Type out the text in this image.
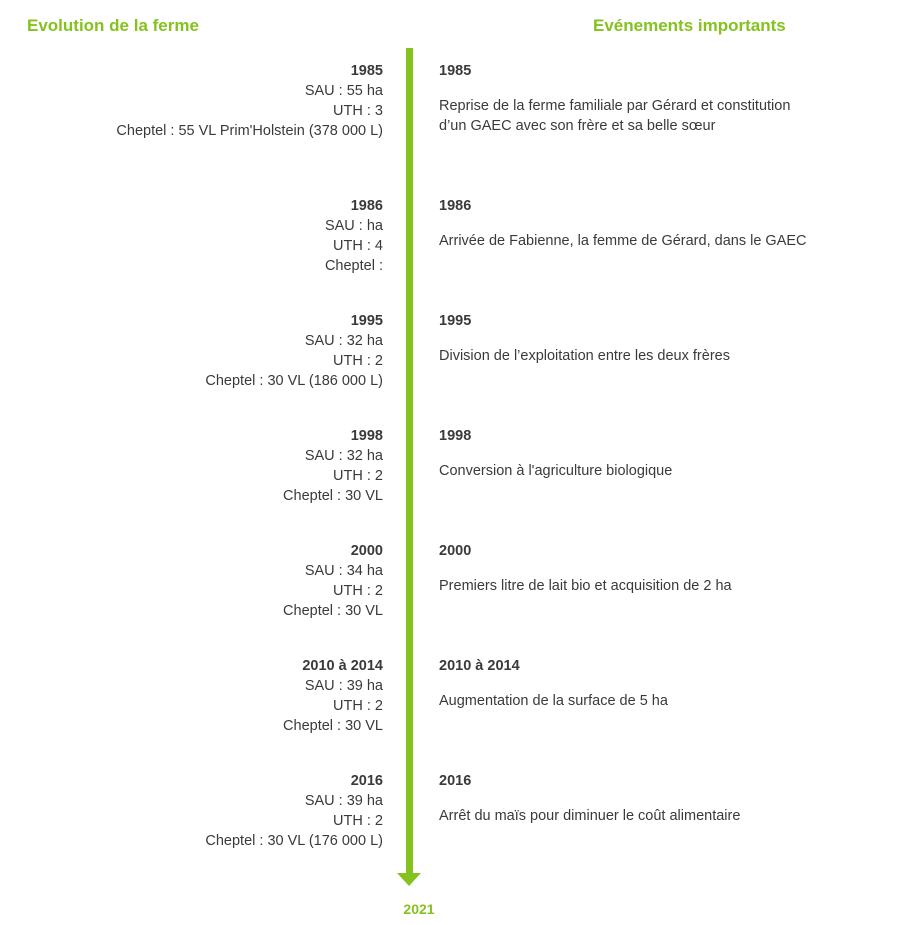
Evolution de la ferme	Evénements importants
2021
1985
SAU : 55 ha
UTH : 3
Cheptel : 55 VL Prim'Holstein (378 000 L)
1985
Reprise de la ferme familiale par Gérard et constitution
d’un GAEC avec son frère et sa belle sœur
1986
SAU : ha
UTH : 4
Cheptel :
1986
Arrivée de Fabienne, la femme de Gérard, dans le GAEC
1995
SAU : 32 ha
UTH : 2
Cheptel : 30 VL (186 000 L)
1995
Division de l’exploitation entre les deux frères
1998
SAU : 32 ha
UTH : 2
Cheptel : 30 VL
1998
Conversion à l'agriculture biologique
2000
SAU : 34 ha
UTH : 2
Cheptel : 30 VL
2000
Premiers litre de lait bio et acquisition de 2 ha
2010 à 2014
SAU : 39 ha
UTH : 2
Cheptel : 30 VL
2010 à 2014
Augmentation de la surface de 5 ha
2016
SAU : 39 ha
UTH : 2
Cheptel : 30 VL (176 000 L)
2016
Arrêt du maïs pour diminuer le coût alimentaire
